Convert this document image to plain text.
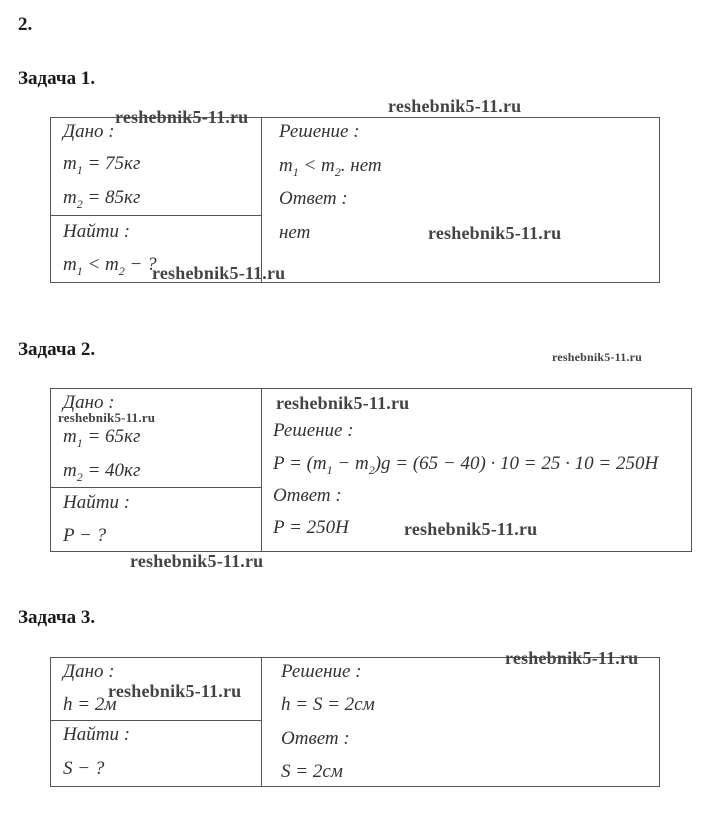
2.
Задача 1.
Дано :
$m_1 = 75кг$
$m_2 = 85кг$
Найти :
$m_1 < m_2$ − ?
Решение :
$m_1 < m_2$. нет
Ответ :
нет
Задача 2.
Дано :
$m_1 = 65кг$
$m_2 = 40кг$
Найти :
P − ?
Решение :
$P = (m_1 - m_2)g = (65 - 40) \cdot 10 = 25 \cdot 10 = 250H$
Ответ :
P = 250H
Задача 3.
Дано :
h = 2м
Найти :
S − ?
Решение :
h = S = 2см
Ответ :
S = 2см
reshebnik5-11.ru
reshebnik5-11.ru
reshebnik5-11.ru
reshebnik5-11.ru
reshebnik5-11.ru
reshebnik5-11.ru
reshebnik5-11.ru
reshebnik5-11.ru
reshebnik5-11.ru
reshebnik5-11.ru
reshebnik5-11.ru
